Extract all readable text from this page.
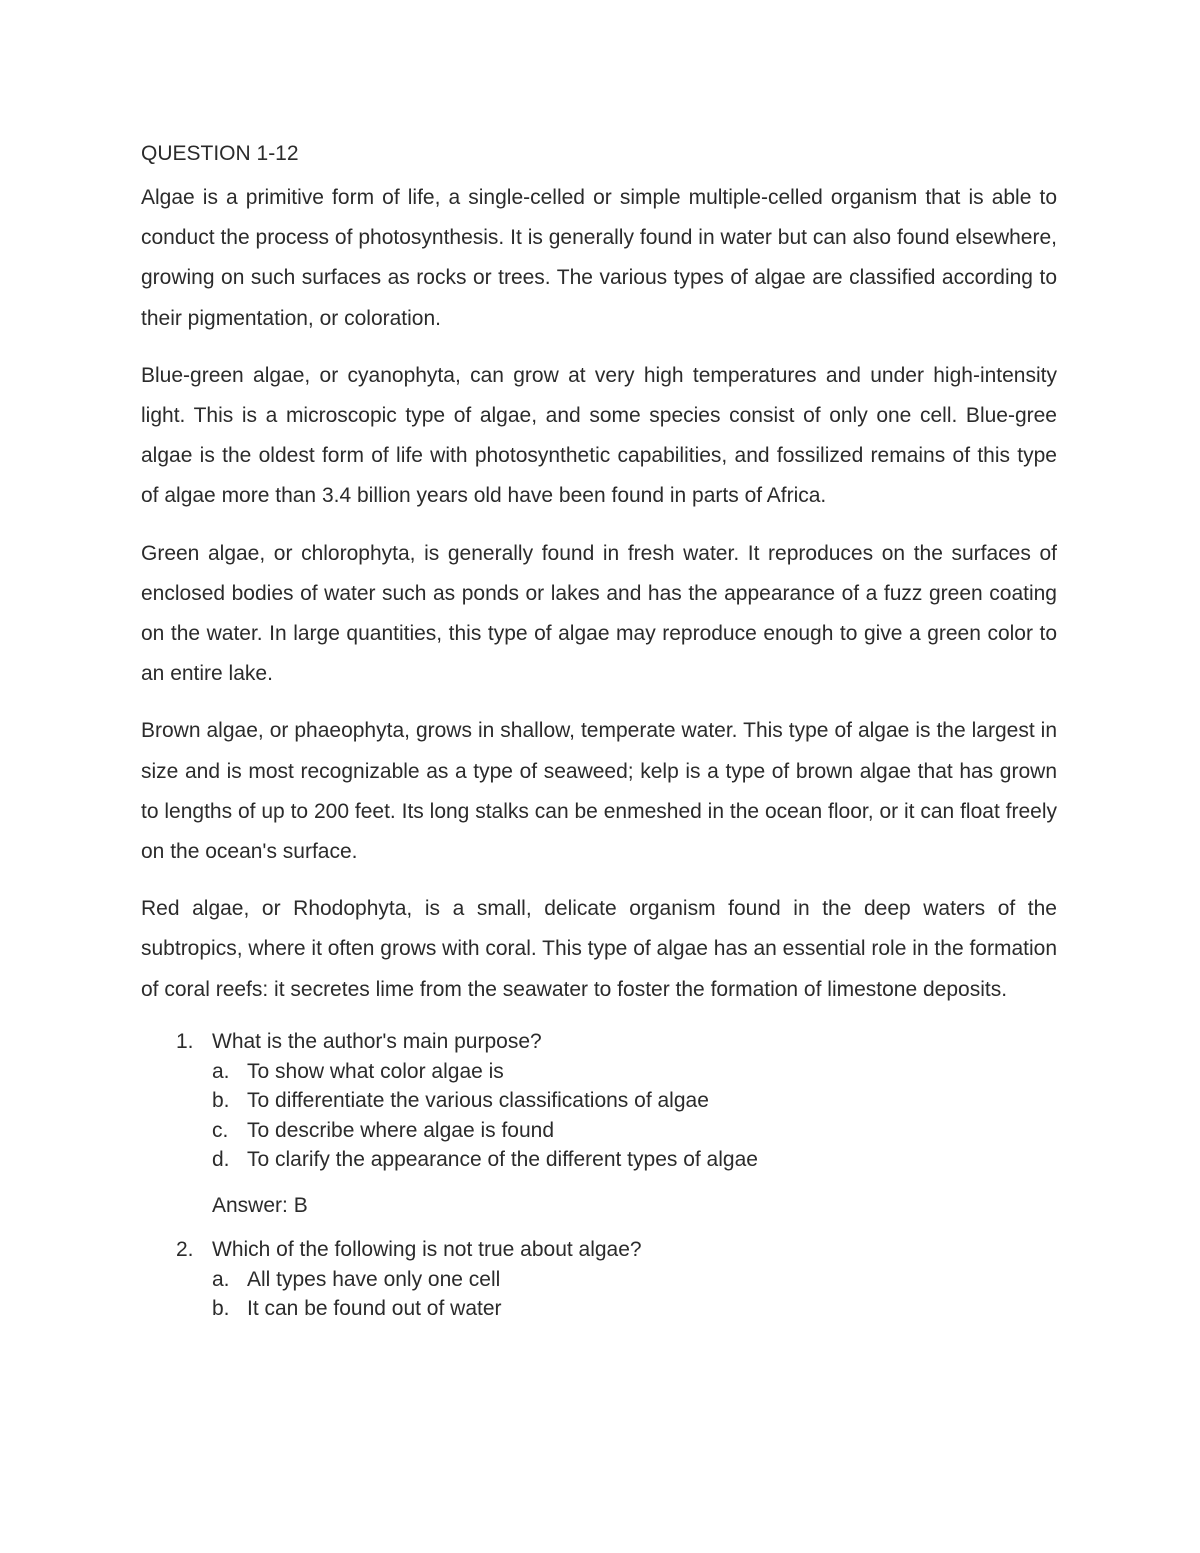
QUESTION 1-12

Algae is a primitive form of life, a single-celled or simple multiple-celled organism that is able to conduct the process of photosynthesis. It is generally found in water but can also found elsewhere, growing on such surfaces as rocks or trees. The various types of algae are classified according to their pigmentation, or coloration.

Blue-green algae, or cyanophyta, can grow at very high temperatures and under high-intensity light. This is a microscopic type of algae, and some species consist of only one cell. Blue-gree algae is the oldest form of life with photosynthetic capabilities, and fossilized remains of this type of algae more than 3.4 billion years old have been found in parts of Africa.

Green algae, or chlorophyta, is generally found in fresh water. It reproduces on the surfaces of enclosed bodies of water such as ponds or lakes and has the appearance of a fuzz green coating on the water. In large quantities, this type of algae may reproduce enough to give a green color to an entire lake.

Brown algae, or phaeophyta, grows in shallow, temperate water. This type of algae is the largest in size and is most recognizable as a type of seaweed; kelp is a type of brown algae that has grown to lengths of up to 200 feet. Its long stalks can be enmeshed in the ocean floor, or it can float freely on the ocean's surface.

Red algae, or Rhodophyta, is a small, delicate organism found in the deep waters of the subtropics, where it often grows with coral. This type of algae has an essential role in the formation of coral reefs: it secretes lime from the seawater to foster the formation of limestone deposits.

1. What is the author's main purpose?
a. To show what color algae is
b. To differentiate the various classifications of algae
c. To describe where algae is found
d. To clarify the appearance of the different types of algae
Answer: B
2. Which of the following is not true about algae?
a. All types have only one cell
b. It can be found out of water
